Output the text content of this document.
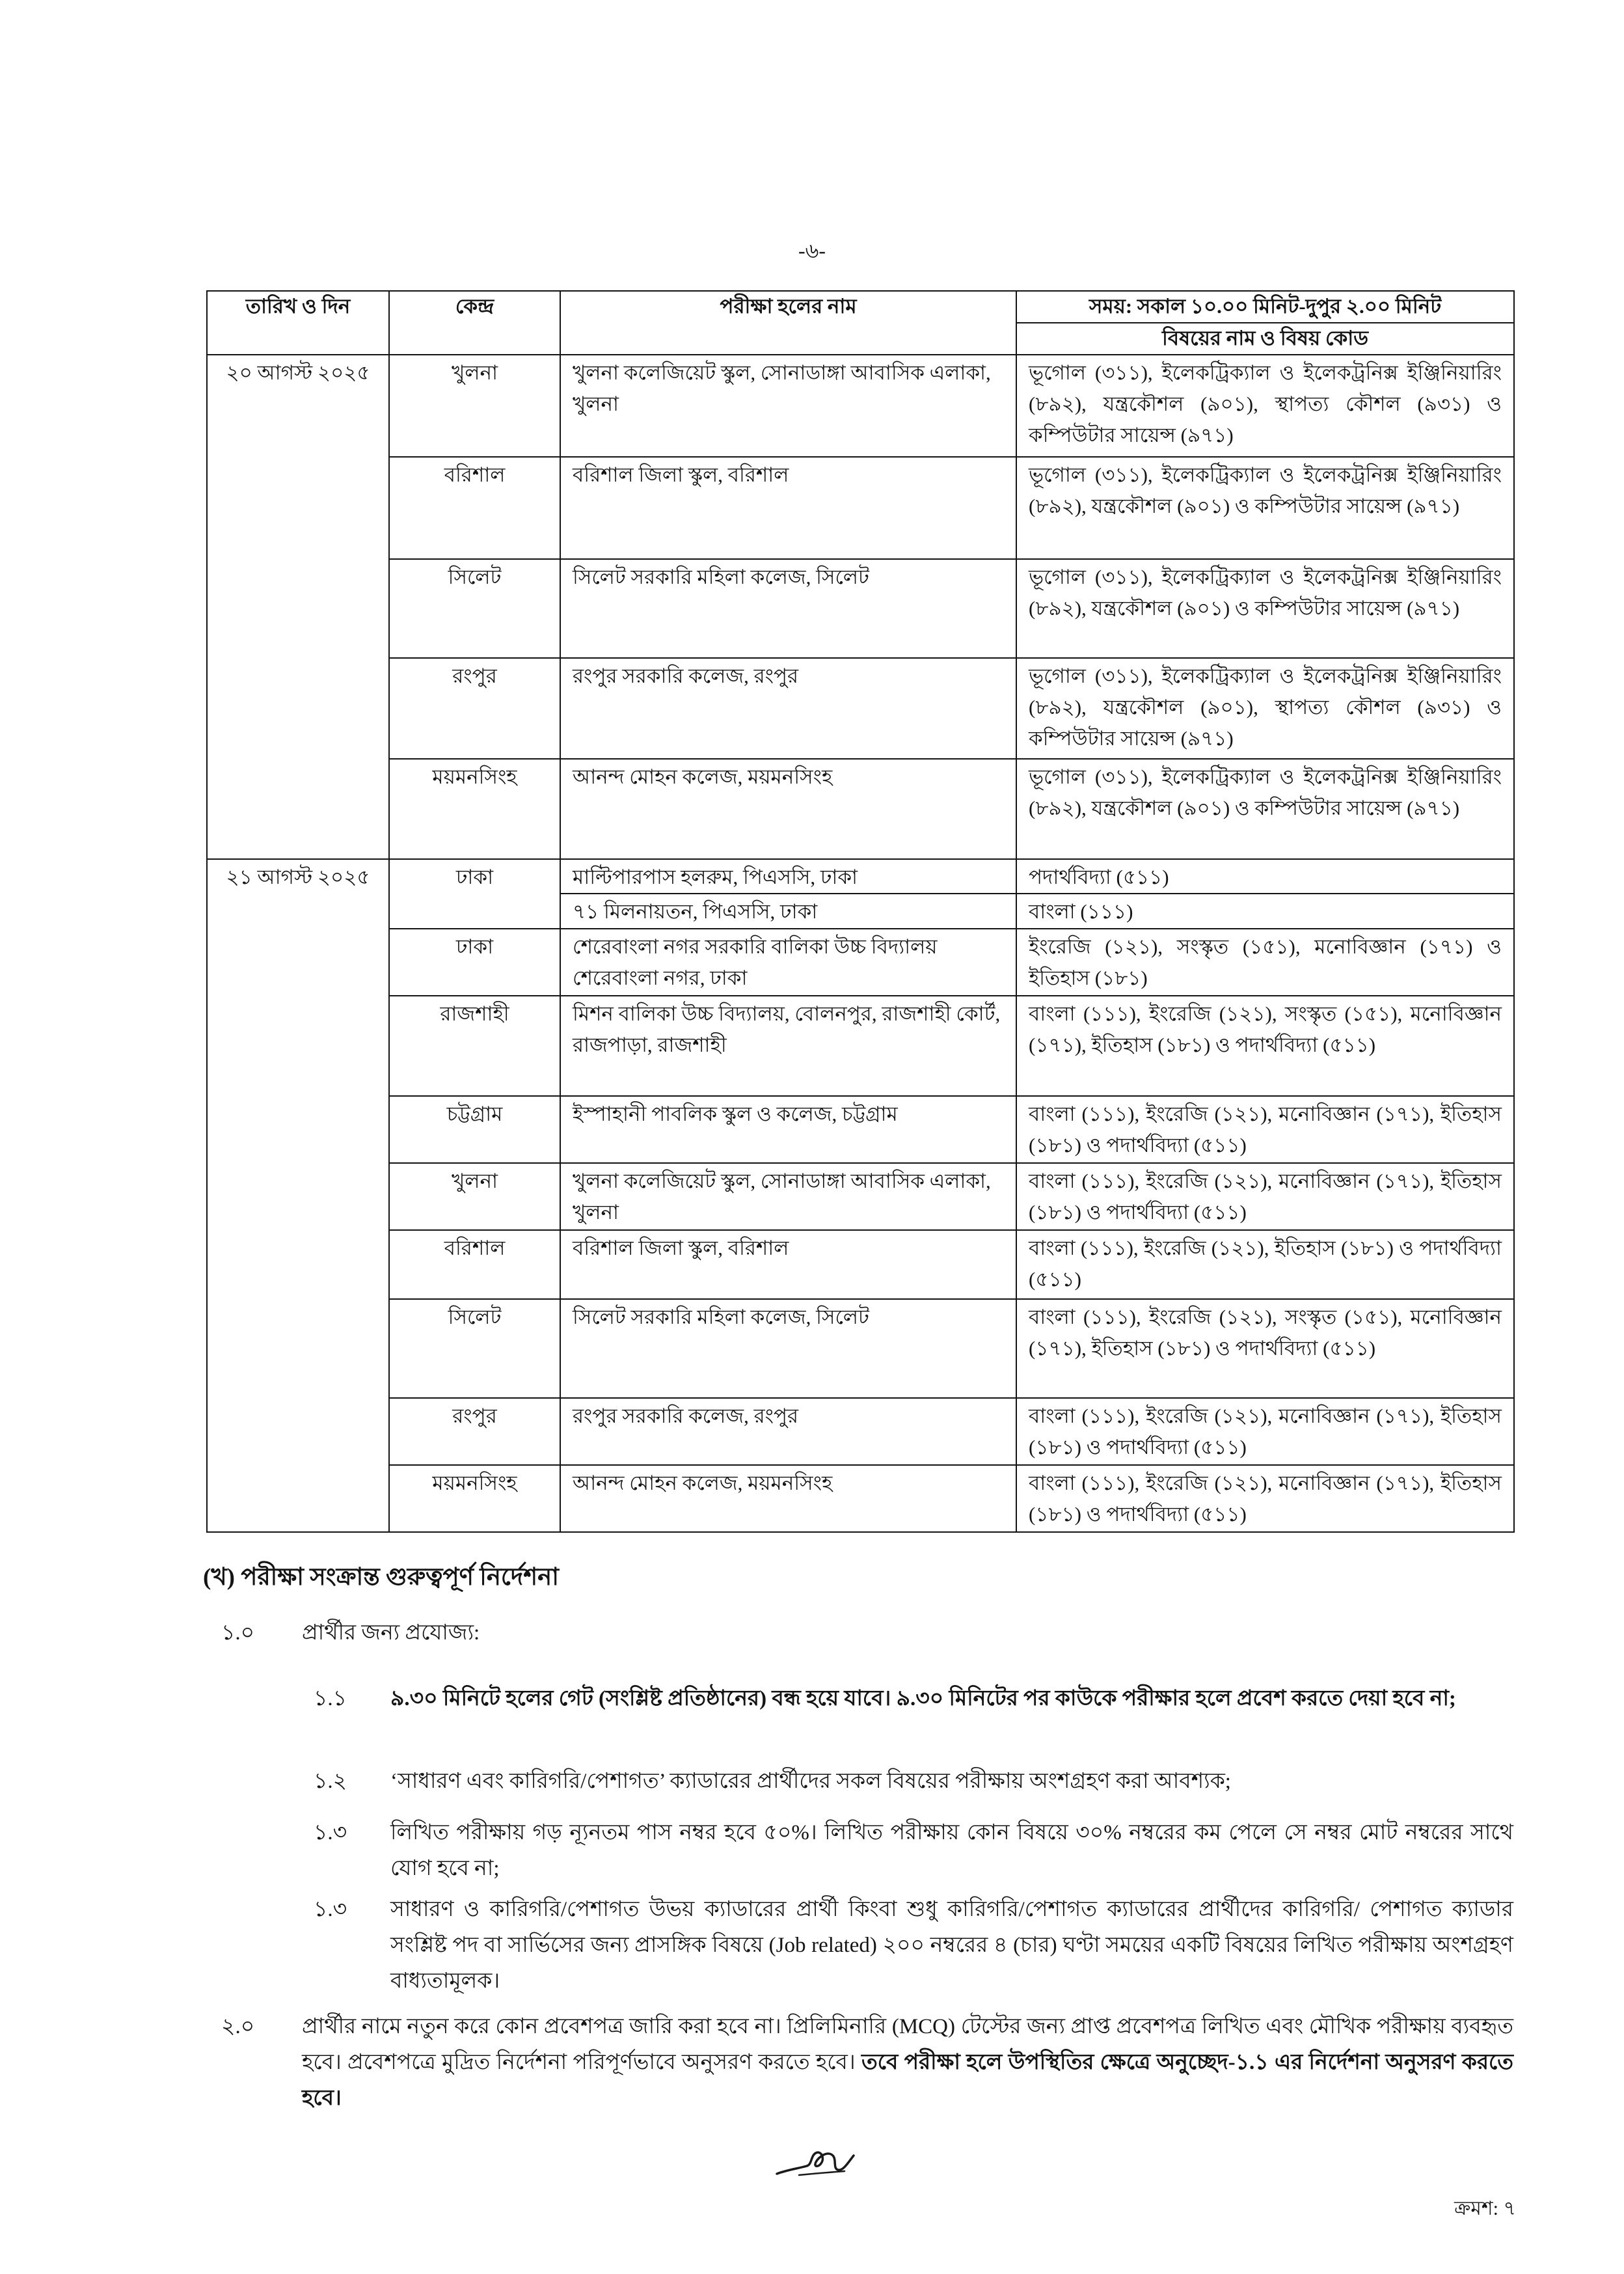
-৬-
তারিখ ও দিন	কেন্দ্র	পরীক্ষা হলের নাম	সময়: সকাল ১০.০০ মিনিট-দুপুর ২.০০ মিনিট
			বিষয়ের নাম ও বিষয় কোড
২০ আগস্ট ২০২৫	খুলনা	খুলনা কলেজিয়েট স্কুল, সোনাডাঙ্গা আবাসিক এলাকা, খুলনা	ভূগোল (৩১১), ইলেকট্রিক্যাল ও ইলেকট্রনিক্স ইঞ্জিনিয়ারিং (৮৯২), যন্ত্রকৌশল (৯০১), স্থাপত্য কৌশল (৯৩১) ও কম্পিউটার সায়েন্স (৯৭১)
	বরিশাল	বরিশাল জিলা স্কুল, বরিশাল	ভূগোল (৩১১), ইলেকট্রিক্যাল ও ইলেকট্রনিক্স ইঞ্জিনিয়ারিং (৮৯২), যন্ত্রকৌশল (৯০১) ও কম্পিউটার সায়েন্স (৯৭১)
	সিলেট	সিলেট সরকারি মহিলা কলেজ, সিলেট	ভূগোল (৩১১), ইলেকট্রিক্যাল ও ইলেকট্রনিক্স ইঞ্জিনিয়ারিং (৮৯২), যন্ত্রকৌশল (৯০১) ও কম্পিউটার সায়েন্স (৯৭১)
	রংপুর	রংপুর সরকারি কলেজ, রংপুর	ভূগোল (৩১১), ইলেকট্রিক্যাল ও ইলেকট্রনিক্স ইঞ্জিনিয়ারিং (৮৯২), যন্ত্রকৌশল (৯০১), স্থাপত্য কৌশল (৯৩১) ও কম্পিউটার সায়েন্স (৯৭১)
	ময়মনসিংহ	আনন্দ মোহন কলেজ, ময়মনসিংহ	ভূগোল (৩১১), ইলেকট্রিক্যাল ও ইলেকট্রনিক্স ইঞ্জিনিয়ারিং (৮৯২), যন্ত্রকৌশল (৯০১) ও কম্পিউটার সায়েন্স (৯৭১)
২১ আগস্ট ২০২৫	ঢাকা	মাল্টিপারপাস হলরুম, পিএসসি, ঢাকা	পদার্থবিদ্যা (৫১১)
		৭১ মিলনায়তন, পিএসসি, ঢাকা	বাংলা (১১১)
	ঢাকা	শেরেবাংলা নগর সরকারি বালিকা উচ্চ বিদ্যালয় শেরেবাংলা নগর, ঢাকা	ইংরেজি (১২১), সংস্কৃত (১৫১), মনোবিজ্ঞান (১৭১) ও ইতিহাস (১৮১)
	রাজশাহী	মিশন বালিকা উচ্চ বিদ্যালয়, বোলনপুর, রাজশাহী কোর্ট, রাজপাড়া, রাজশাহী	বাংলা (১১১), ইংরেজি (১২১), সংস্কৃত (১৫১), মনোবিজ্ঞান (১৭১), ইতিহাস (১৮১) ও পদার্থবিদ্যা (৫১১)
	চট্টগ্রাম	ইস্পাহানী পাবলিক স্কুল ও কলেজ, চট্টগ্রাম	বাংলা (১১১), ইংরেজি (১২১), মনোবিজ্ঞান (১৭১), ইতিহাস (১৮১) ও পদার্থবিদ্যা (৫১১)
	খুলনা	খুলনা কলেজিয়েট স্কুল, সোনাডাঙ্গা আবাসিক এলাকা, খুলনা	বাংলা (১১১), ইংরেজি (১২১), মনোবিজ্ঞান (১৭১), ইতিহাস (১৮১) ও পদার্থবিদ্যা (৫১১)
	বরিশাল	বরিশাল জিলা স্কুল, বরিশাল	বাংলা (১১১), ইংরেজি (১২১), ইতিহাস (১৮১) ও পদার্থবিদ্যা (৫১১)
	সিলেট	সিলেট সরকারি মহিলা কলেজ, সিলেট	বাংলা (১১১), ইংরেজি (১২১), সংস্কৃত (১৫১), মনোবিজ্ঞান (১৭১), ইতিহাস (১৮১) ও পদার্থবিদ্যা (৫১১)
	রংপুর	রংপুর সরকারি কলেজ, রংপুর	বাংলা (১১১), ইংরেজি (১২১), মনোবিজ্ঞান (১৭১), ইতিহাস (১৮১) ও পদার্থবিদ্যা (৫১১)
	ময়মনসিংহ	আনন্দ মোহন কলেজ, ময়মনসিংহ	বাংলা (১১১), ইংরেজি (১২১), মনোবিজ্ঞান (১৭১), ইতিহাস (১৮১) ও পদার্থবিদ্যা (৫১১)
(খ) পরীক্ষা সংক্রান্ত গুরুত্বপূর্ণ নির্দেশনা
১.০ প্রার্থীর জন্য প্রযোজ্য:
১.১ ৯.৩০ মিনিটে হলের গেট (সংশ্লিষ্ট প্রতিষ্ঠানের) বন্ধ হয়ে যাবে। ৯.৩০ মিনিটের পর কাউকে পরীক্ষার হলে প্রবেশ করতে দেয়া হবে না;
১.২ ‘সাধারণ এবং কারিগরি/পেশাগত’ ক্যাডারের প্রার্থীদের সকল বিষয়ের পরীক্ষায় অংশগ্রহণ করা আবশ্যক;
১.৩ লিখিত পরীক্ষায় গড় ন্যূনতম পাস নম্বর হবে ৫০%। লিখিত পরীক্ষায় কোন বিষয়ে ৩০% নম্বরের কম পেলে সে নম্বর মোট নম্বরের সাথে যোগ হবে না;
১.৩ সাধারণ ও কারিগরি/পেশাগত উভয় ক্যাডারের প্রার্থী কিংবা শুধু কারিগরি/পেশাগত ক্যাডারের প্রার্থীদের কারিগরি/ পেশাগত ক্যাডার সংশ্লিষ্ট পদ বা সার্ভিসের জন্য প্রাসঙ্গিক বিষয়ে (Job related) ২০০ নম্বরের ৪ (চার) ঘণ্টা সময়ের একটি বিষয়ের লিখিত পরীক্ষায় অংশগ্রহণ বাধ্যতামূলক।
২.০ প্রার্থীর নামে নতুন করে কোন প্রবেশপত্র জারি করা হবে না। প্রিলিমিনারি (MCQ) টেস্টের জন্য প্রাপ্ত প্রবেশপত্র লিখিত এবং মৌখিক পরীক্ষায় ব্যবহৃত হবে। প্রবেশপত্রে মুদ্রিত নির্দেশনা পরিপূর্ণভাবে অনুসরণ করতে হবে। তবে পরীক্ষা হলে উপস্থিতির ক্ষেত্রে অনুচ্ছেদ-১.১ এর নির্দেশনা অনুসরণ করতে হবে।
ক্রমশ: ৭
